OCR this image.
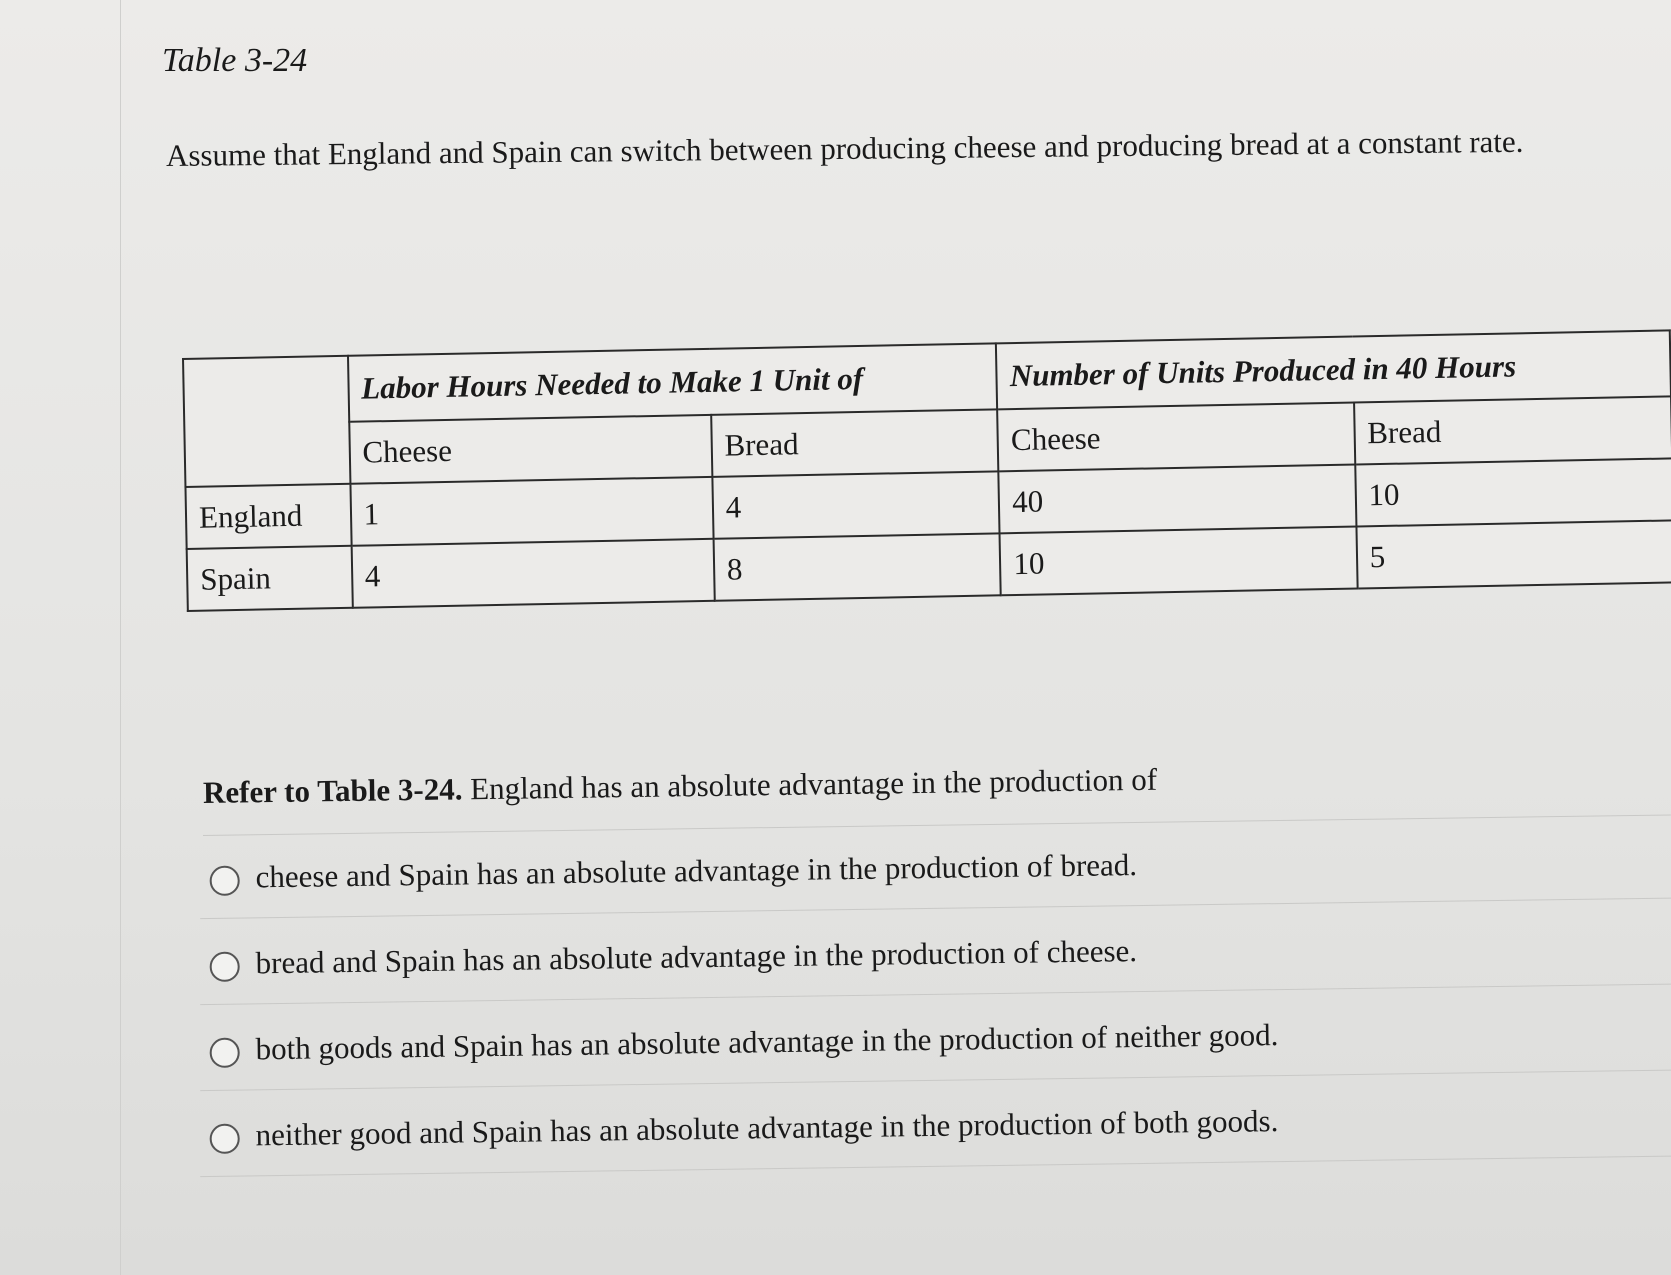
Table 3-24

Assume that England and Spain can switch between producing cheese and producing bread at a constant rate.

	Labor Hours Needed to Make 1 Unit of		Number of Units Produced in 40 Hours	
	Cheese	Bread	Cheese	Bread
England	1	4	40	10
Spain	4	8	10	5

Refer to Table 3-24. England has an absolute advantage in the production of

cheese and Spain has an absolute advantage in the production of bread.
bread and Spain has an absolute advantage in the production of cheese.
both goods and Spain has an absolute advantage in the production of neither good.
neither good and Spain has an absolute advantage in the production of both goods.
